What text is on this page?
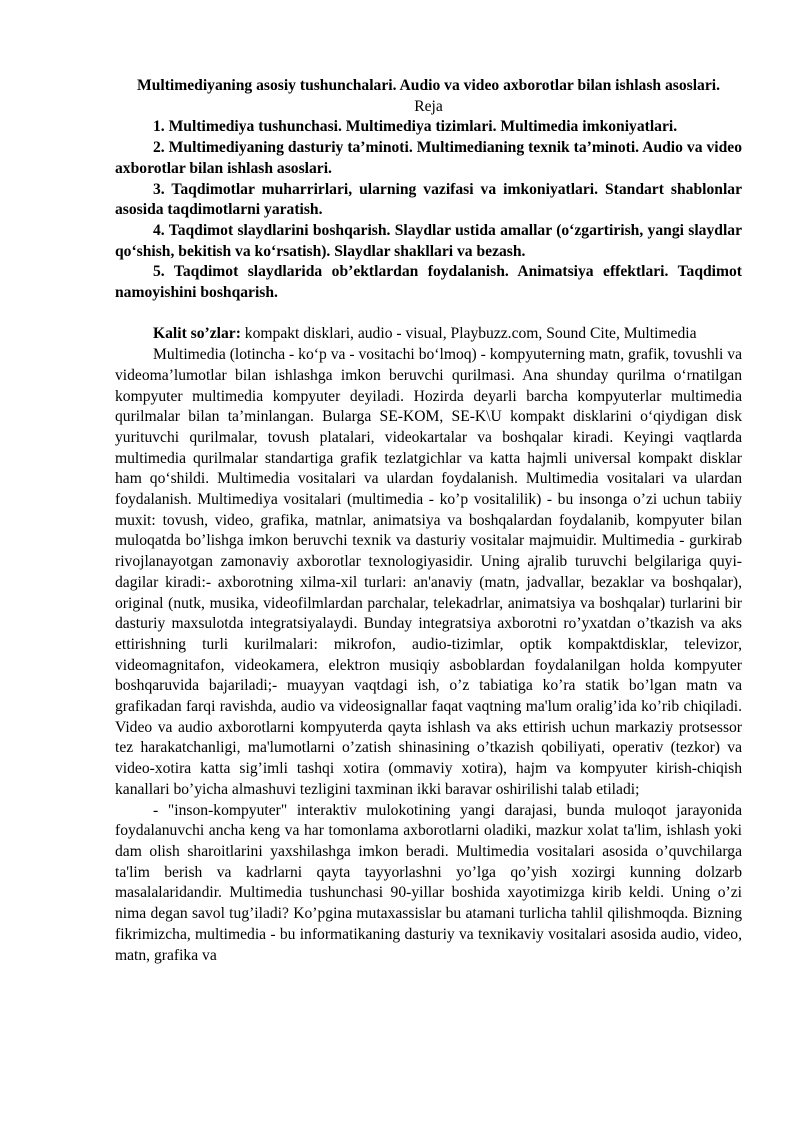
Multimediyaning asosiy tushunchalari. Audio va video axborotlar bilan ishlash asoslari.

Reja

1. Multimediya tushunchasi. Multimediya tizimlari. Multimedia imkoniyatlari.
2. Multimediyaning dasturiy ta’minoti. Multimedianing texnik ta’minoti. Audio va video axborotlar bilan ishlash asoslari.
3. Taqdimotlar muharrirlari, ularning vazifasi va imkoniyatlari. Standart shablonlar asosida taqdimotlarni yaratish.
4. Taqdimot slaydlarini boshqarish. Slaydlar ustida amallar (o‘zgartirish, yangi slaydlar qo‘shish, bekitish va ko‘rsatish). Slaydlar shakllari va bezash.
5. Taqdimot slaydlarida ob’ektlardan foydalanish. Animatsiya effektlari. Taqdimot namoyishini boshqarish.

Kalit so’zlar: kompakt disklari, audio - visual, Playbuzz.com, Sound Cite, Multimedia

Multimedia (lotincha - ko‘p va - vositachi bo‘lmoq) - kompyuterning matn, grafik, tovushli va videoma’lumotlar bilan ishlashga imkon beruvchi qurilmasi. Ana shunday qurilma o‘rnatilgan kompyuter multimedia kompyuter deyiladi. Hozirda deyarli barcha kompyuterlar multimedia qurilmalar bilan ta’minlangan. Bularga SE-KOM, SE-K\U kompakt disklarini o‘qiydigan disk yurituvchi qurilmalar, tovush platalari, videokartalar va boshqalar kiradi. Keyingi vaqtlarda multimedia qurilmalar standartiga grafik tezlatgichlar va katta hajmli universal kompakt disklar ham qo‘shildi. Multimedia vositalari va ulardan foydalanish. Multimedia vositalari va ulardan foydalanish. Multimediya vositalari (multimedia - ko’p vositalilik) - bu insonga o’zi uchun tabiiy muxit: tovush, video, grafika, matnlar, animatsiya va boshqalardan foydalanib, kompyuter bilan muloqatda bo’lishga imkon beruvchi texnik va dasturiy vositalar majmuidir. Multimedia - gurkirab rivojlanayotgan zamonaviy axborotlar texnologiyasidir. Uning ajralib turuvchi belgilariga quyi-dagilar kiradi:- axborotning xilma-xil turlari: an'anaviy (matn, jadvallar, bezaklar va boshqalar), original (nutk, musika, videofilmlardan parchalar, telekadrlar, animatsiya va boshqalar) turlarini bir dasturiy maxsulotda integratsiyalaydi. Bunday integratsiya axborotni ro’yxatdan o’tkazish va aks ettirishning turli kurilmalari: mikrofon, audio-tizimlar, optik kompaktdisklar, televizor, videomagnitafon, videokamera, elektron musiqiy asboblardan foydalanilgan holda kompyuter boshqaruvida bajariladi;- muayyan vaqtdagi ish, o’z tabiatiga ko’ra statik bo’lgan matn va grafikadan farqi ravishda, audio va videosignallar faqat vaqtning ma'lum oralig’ida ko’rib chiqiladi. Video va audio axborotlarni kompyuterda qayta ishlash va aks ettirish uchun markaziy protsessor tez harakatchanligi, ma'lumotlarni o’zatish shinasining o’tkazish qobiliyati, operativ (tezkor) va video-xotira katta sig’imli tashqi xotira (ommaviy xotira), hajm va kompyuter kirish-chiqish kanallari bo’yicha almashuvi tezligini taxminan ikki baravar oshirilishi talab etiladi;

- "inson-kompyuter" interaktiv mulokotining yangi darajasi, bunda muloqot jarayonida foydalanuvchi ancha keng va har tomonlama axborotlarni oladiki, mazkur xolat ta'lim, ishlash yoki dam olish sharoitlarini yaxshilashga imkon beradi. Multimedia vositalari asosida o’quvchilarga ta'lim berish va kadrlarni qayta tayyorlashni yo’lga qo’yish xozirgi kunning dolzarb masalalaridandir. Multimedia tushunchasi 90-yillar boshida xayotimizga kirib keldi. Uning o’zi nima degan savol tug’iladi? Ko’pgina mutaxassislar bu atamani turlicha tahlil qilishmoqda. Bizning fikrimizcha, multimedia - bu informatikaning dasturiy va texnikaviy vositalari asosida audio, video, matn, grafika va
